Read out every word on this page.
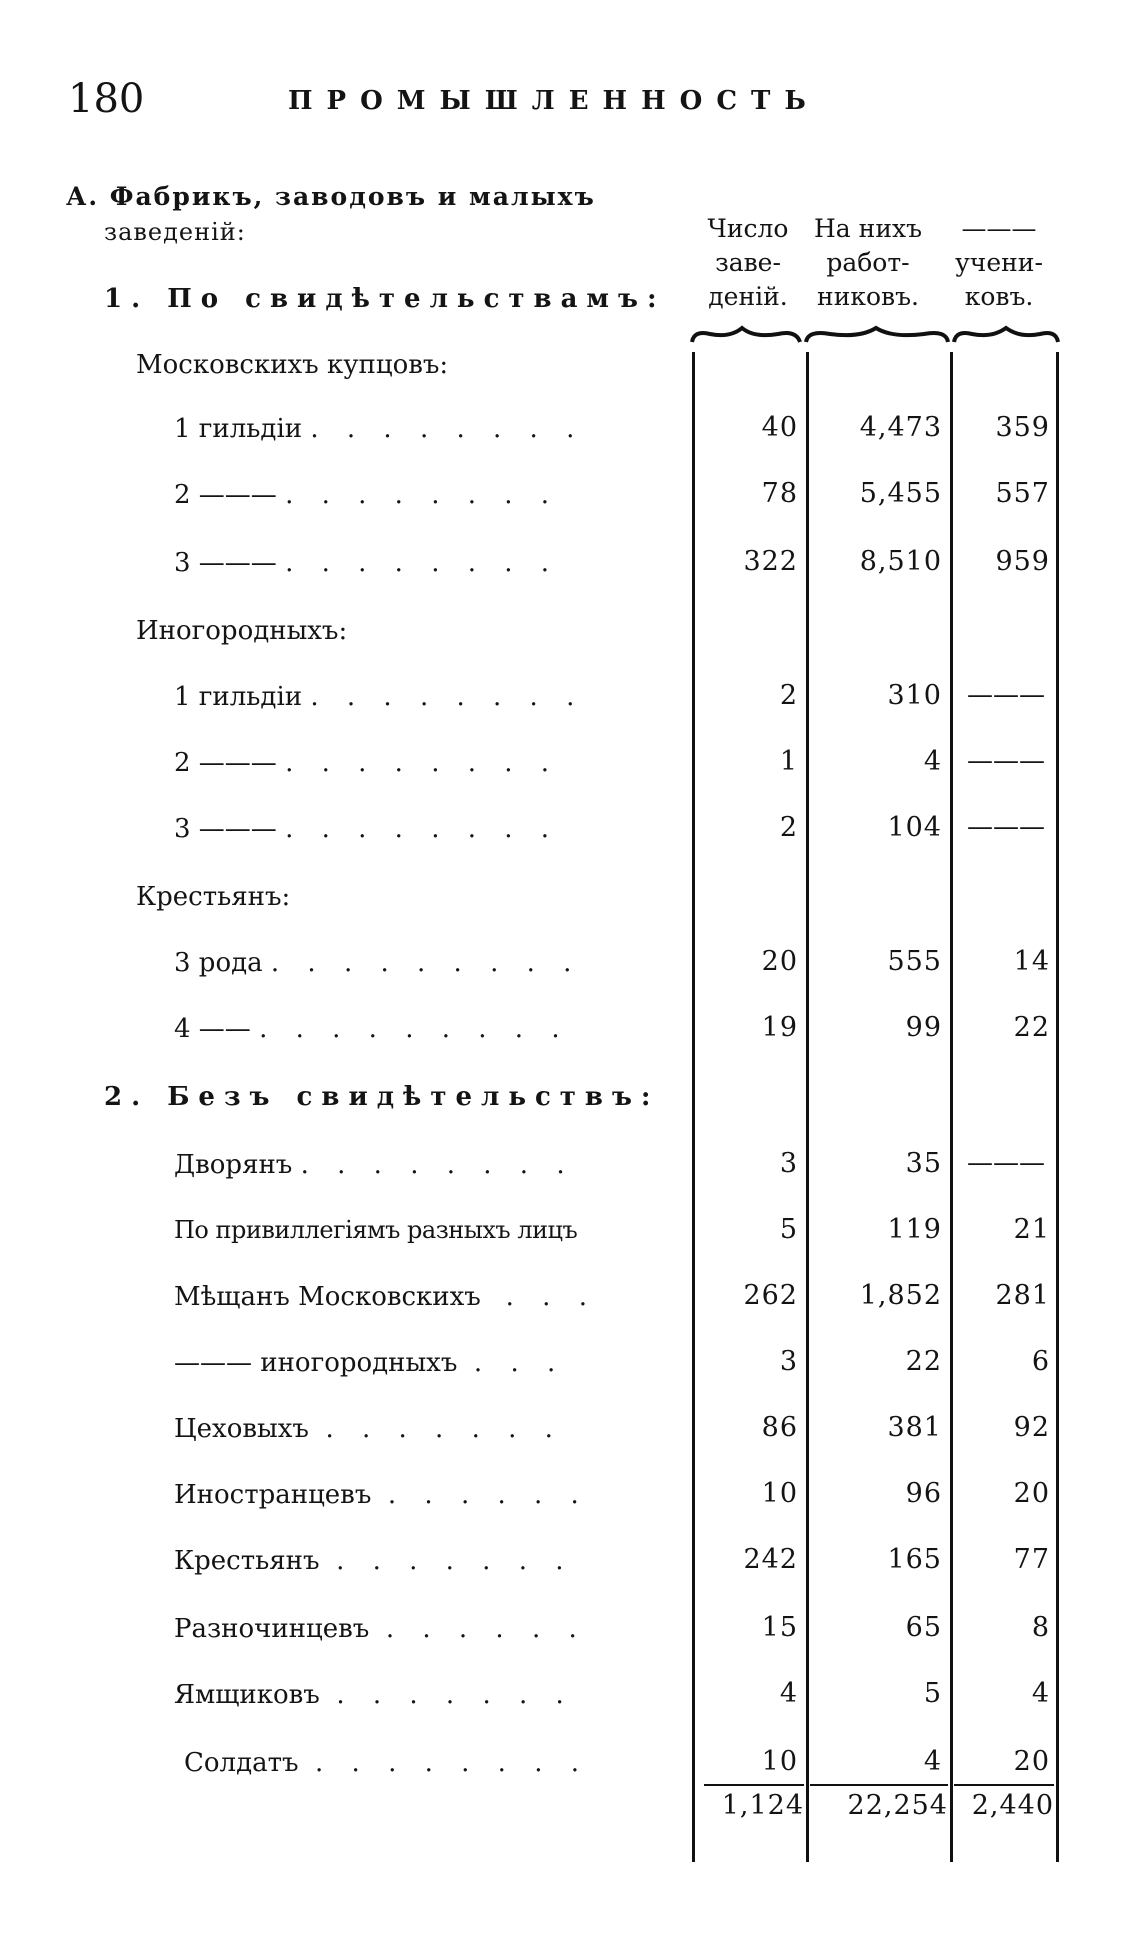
180	ПРОМЫШЛЕННОСТЬ
А. Фабрикъ, заводовъ и малыхъ
заведеній:	Число
заве-
деній.
На нихъ
работ-
никовъ.
———
учени-
ковъ.
1. По свидѣтельствамъ:
Московскихъ купцовъ:
1 гильдіи . . . . . . . .	40	4,473	359
2 ——— . . . . . . . .	78	5,455	557
3 ——— . . . . . . . .	322	8,510	959
Иногородныхъ:
1 гильдіи . . . . . . . .	2	310 ———
2 ——— . . . . . . . .	1	4 ———
3 ——— . . . . . . . .	2	104 ———
Крестьянъ:
3 рода . . . . . . . . .	20	555	14
4 —— . . . . . . . . .	19	99	22
2. Безъ свидѣтельствъ:
Дворянъ . . . . . . . .	3	35 ———
По привиллегіямъ разныхъ лицъ	5	119	21
Мѣщанъ Московскихъ . . .	262	1,852	281
——— иногородныхъ . . .	3	22	6
Цеховыхъ . . . . . . .	86	381	92
Иностранцевъ . . . . . .	10	96	20
Крестьянъ . . . . . . .	242	165	77
Разночинцевъ . . . . . .	15	65	8
Ямщиковъ . . . . . . .	4	5	4
Солдатъ . . . . . . . .	10	4	20
1,124	22,254 2,440
